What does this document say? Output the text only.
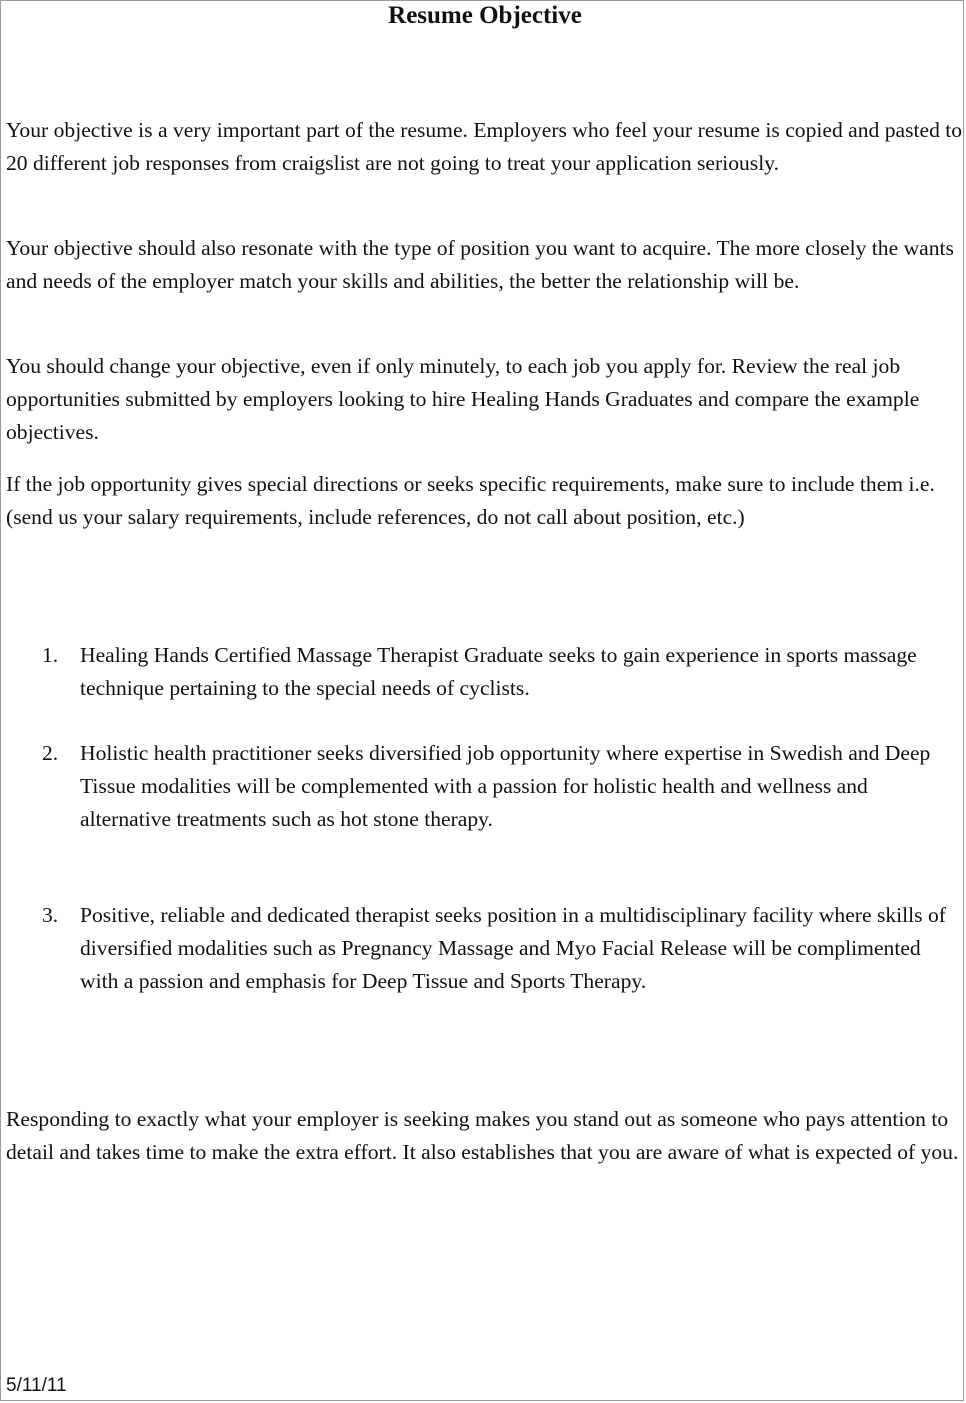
Resume Objective

Your objective is a very important part of the resume. Employers who feel your resume is copied and pasted to 20 different job responses from craigslist are not going to treat your application seriously.

Your objective should also resonate with the type of position you want to acquire. The more closely the wants and needs of the employer match your skills and abilities, the better the relationship will be.

You should change your objective, even if only minutely, to each job you apply for. Review the real job opportunities submitted by employers looking to hire Healing Hands Graduates and compare the example objectives.

If the job opportunity gives special directions or seeks specific requirements, make sure to include them i.e. (send us your salary requirements, include references, do not call about position, etc.)

1.	Healing Hands Certified Massage Therapist Graduate seeks to gain experience in sports massage technique pertaining to the special needs of cyclists.
2.	Holistic health practitioner seeks diversified job opportunity where expertise in Swedish and Deep Tissue modalities will be complemented with a passion for holistic health and wellness and alternative treatments such as hot stone therapy.
3.	Positive, reliable and dedicated therapist seeks position in a multidisciplinary facility where skills of diversified modalities such as Pregnancy Massage and Myo Facial Release will be complimented with a passion and emphasis for Deep Tissue and Sports Therapy.

Responding to exactly what your employer is seeking makes you stand out as someone who pays attention to detail and takes time to make the extra effort. It also establishes that you are aware of what is expected of you.

5/11/11
